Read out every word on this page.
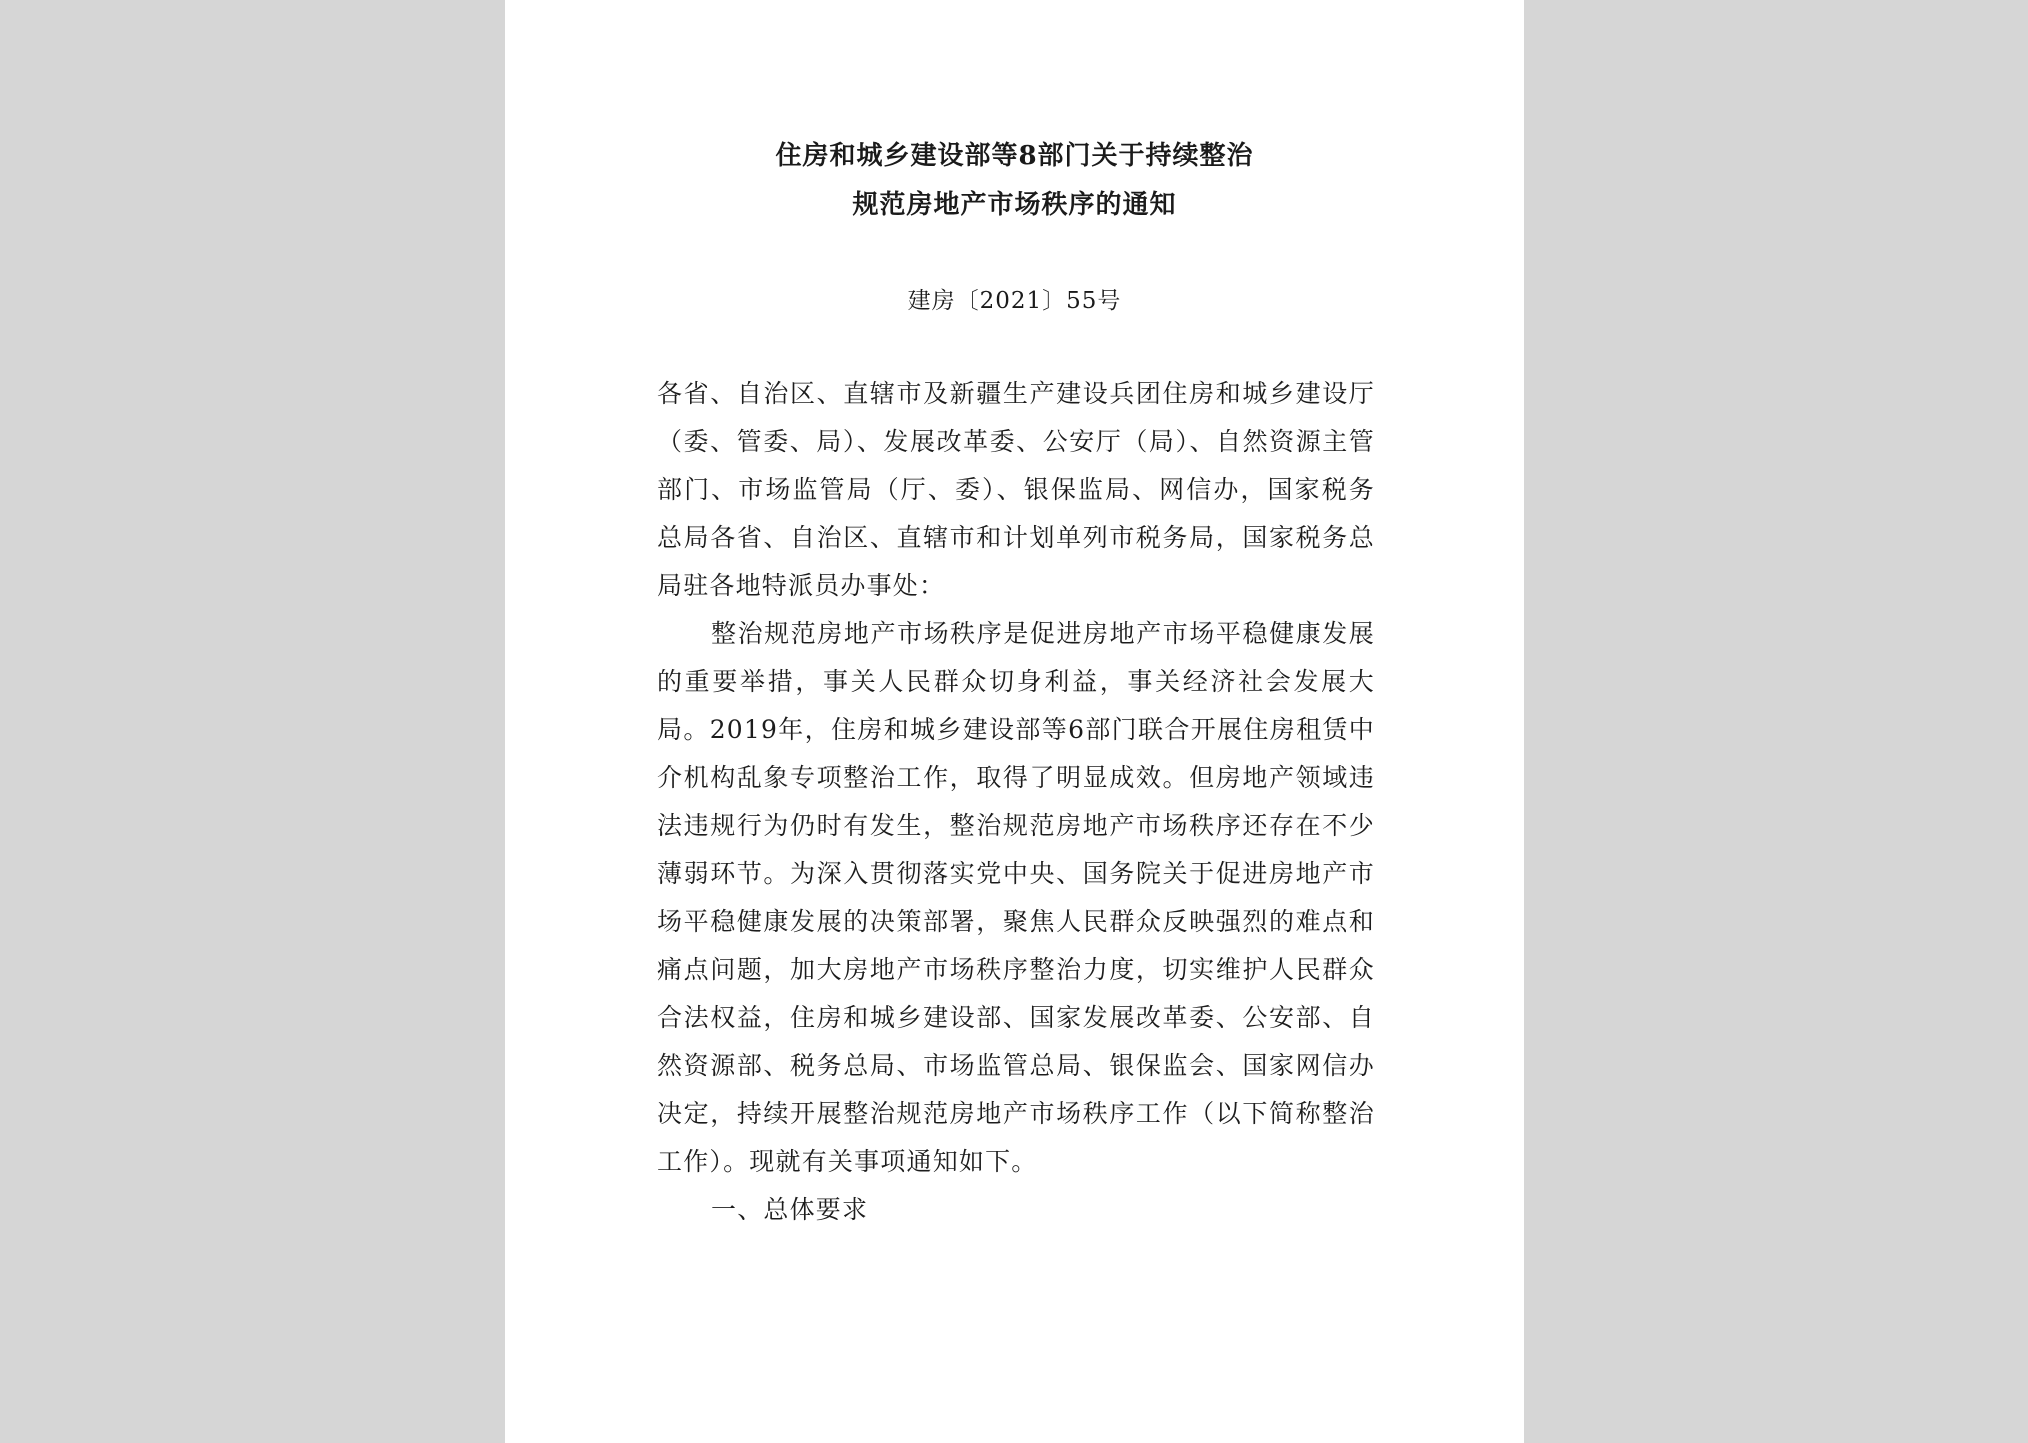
住房和城乡建设部等8部门关于持续整治
规范房地产市场秩序的通知
建房〔2021〕55号

各省、自治区、直辖市及新疆生产建设兵团住房和城乡建设厅（委、管委、局）、发展改革委、公安厅（局）、自然资源主管部门、市场监管局（厅、委）、银保监局、网信办，国家税务总局各省、自治区、直辖市和计划单列市税务局，国家税务总局驻各地特派员办事处：

整治规范房地产市场秩序是促进房地产市场平稳健康发展的重要举措，事关人民群众切身利益，事关经济社会发展大局。2019年，住房和城乡建设部等6部门联合开展住房租赁中介机构乱象专项整治工作，取得了明显成效。但房地产领域违法违规行为仍时有发生，整治规范房地产市场秩序还存在不少薄弱环节。为深入贯彻落实党中央、国务院关于促进房地产市场平稳健康发展的决策部署，聚焦人民群众反映强烈的难点和痛点问题，加大房地产市场秩序整治力度，切实维护人民群众合法权益，住房和城乡建设部、国家发展改革委、公安部、自然资源部、税务总局、市场监管总局、银保监会、国家网信办决定，持续开展整治规范房地产市场秩序工作（以下简称整治工作）。现就有关事项通知如下。

一、总体要求
